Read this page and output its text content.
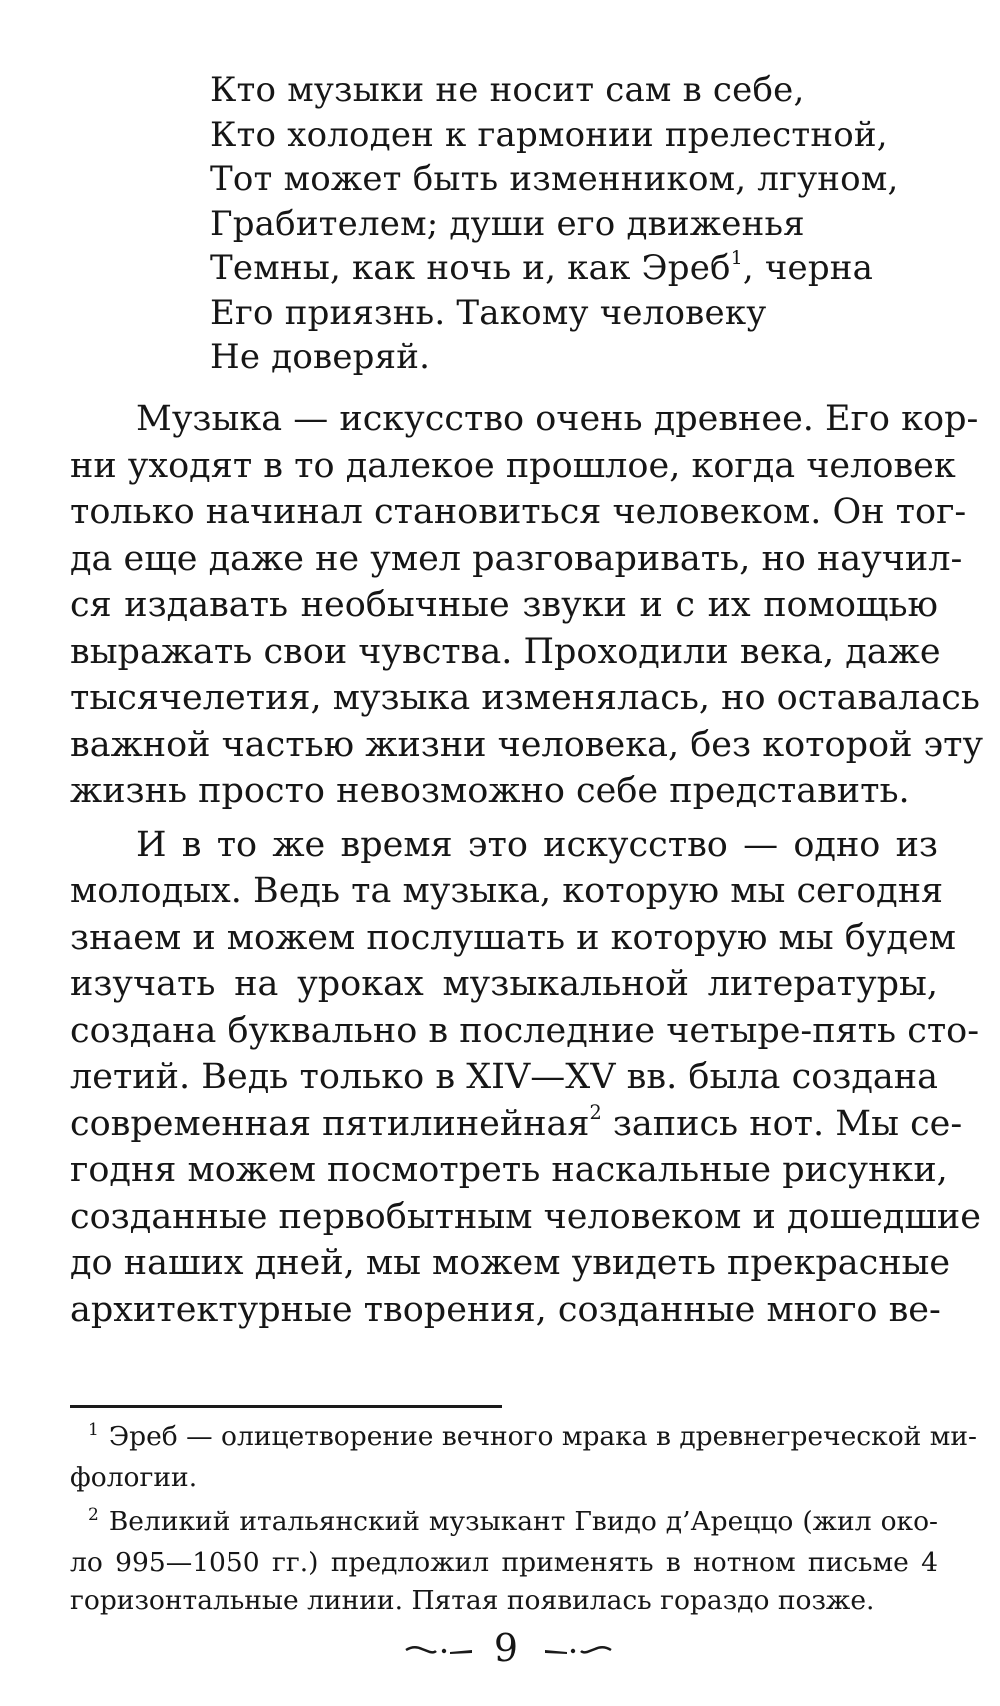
Кто музыки не носит сам в себе,
Кто холоден к гармонии прелестной,
Тот может быть изменником, лгуном,
Грабителем; души его движенья
Темны, как ночь и, как Эреб$^1$, черна
Его приязнь. Такому человеку
Не доверяй.
Музыка — искусство очень древнее. Его кор-
ни уходят в то далекое прошлое, когда человек
только начинал становиться человеком. Он тог-
да еще даже не умел разговаривать, но научил-
ся издавать необычные звуки и с их помощью
выражать свои чувства. Проходили века, даже
тысячелетия, музыка изменялась, но оставалась
важной частью жизни человека, без которой эту
жизнь просто невозможно себе представить.
И в то же время это искусство — одно из
молодых. Ведь та музыка, которую мы сегодня
знаем и можем послушать и которую мы будем
изучать на уроках музыкальной литературы,
создана буквально в последние четыре-пять сто-
летий. Ведь только в XIV—XV вв. была создана
современная пятилинейная$^2$ запись нот. Мы се-
годня можем посмотреть наскальные рисунки,
созданные первобытным человеком и дошедшие
до наших дней, мы можем увидеть прекрасные
архитектурные творения, созданные много ве-
$^1$ Эреб — олицетворение вечного мрака в древнегреческой ми-
фологии.
$^2$ Великий итальянский музыкант Гвидо д’Ареццо (жил око-
ло 995—1050 гг.) предложил применять в нотном письме 4
горизонтальные линии. Пятая появилась гораздо позже.
9
